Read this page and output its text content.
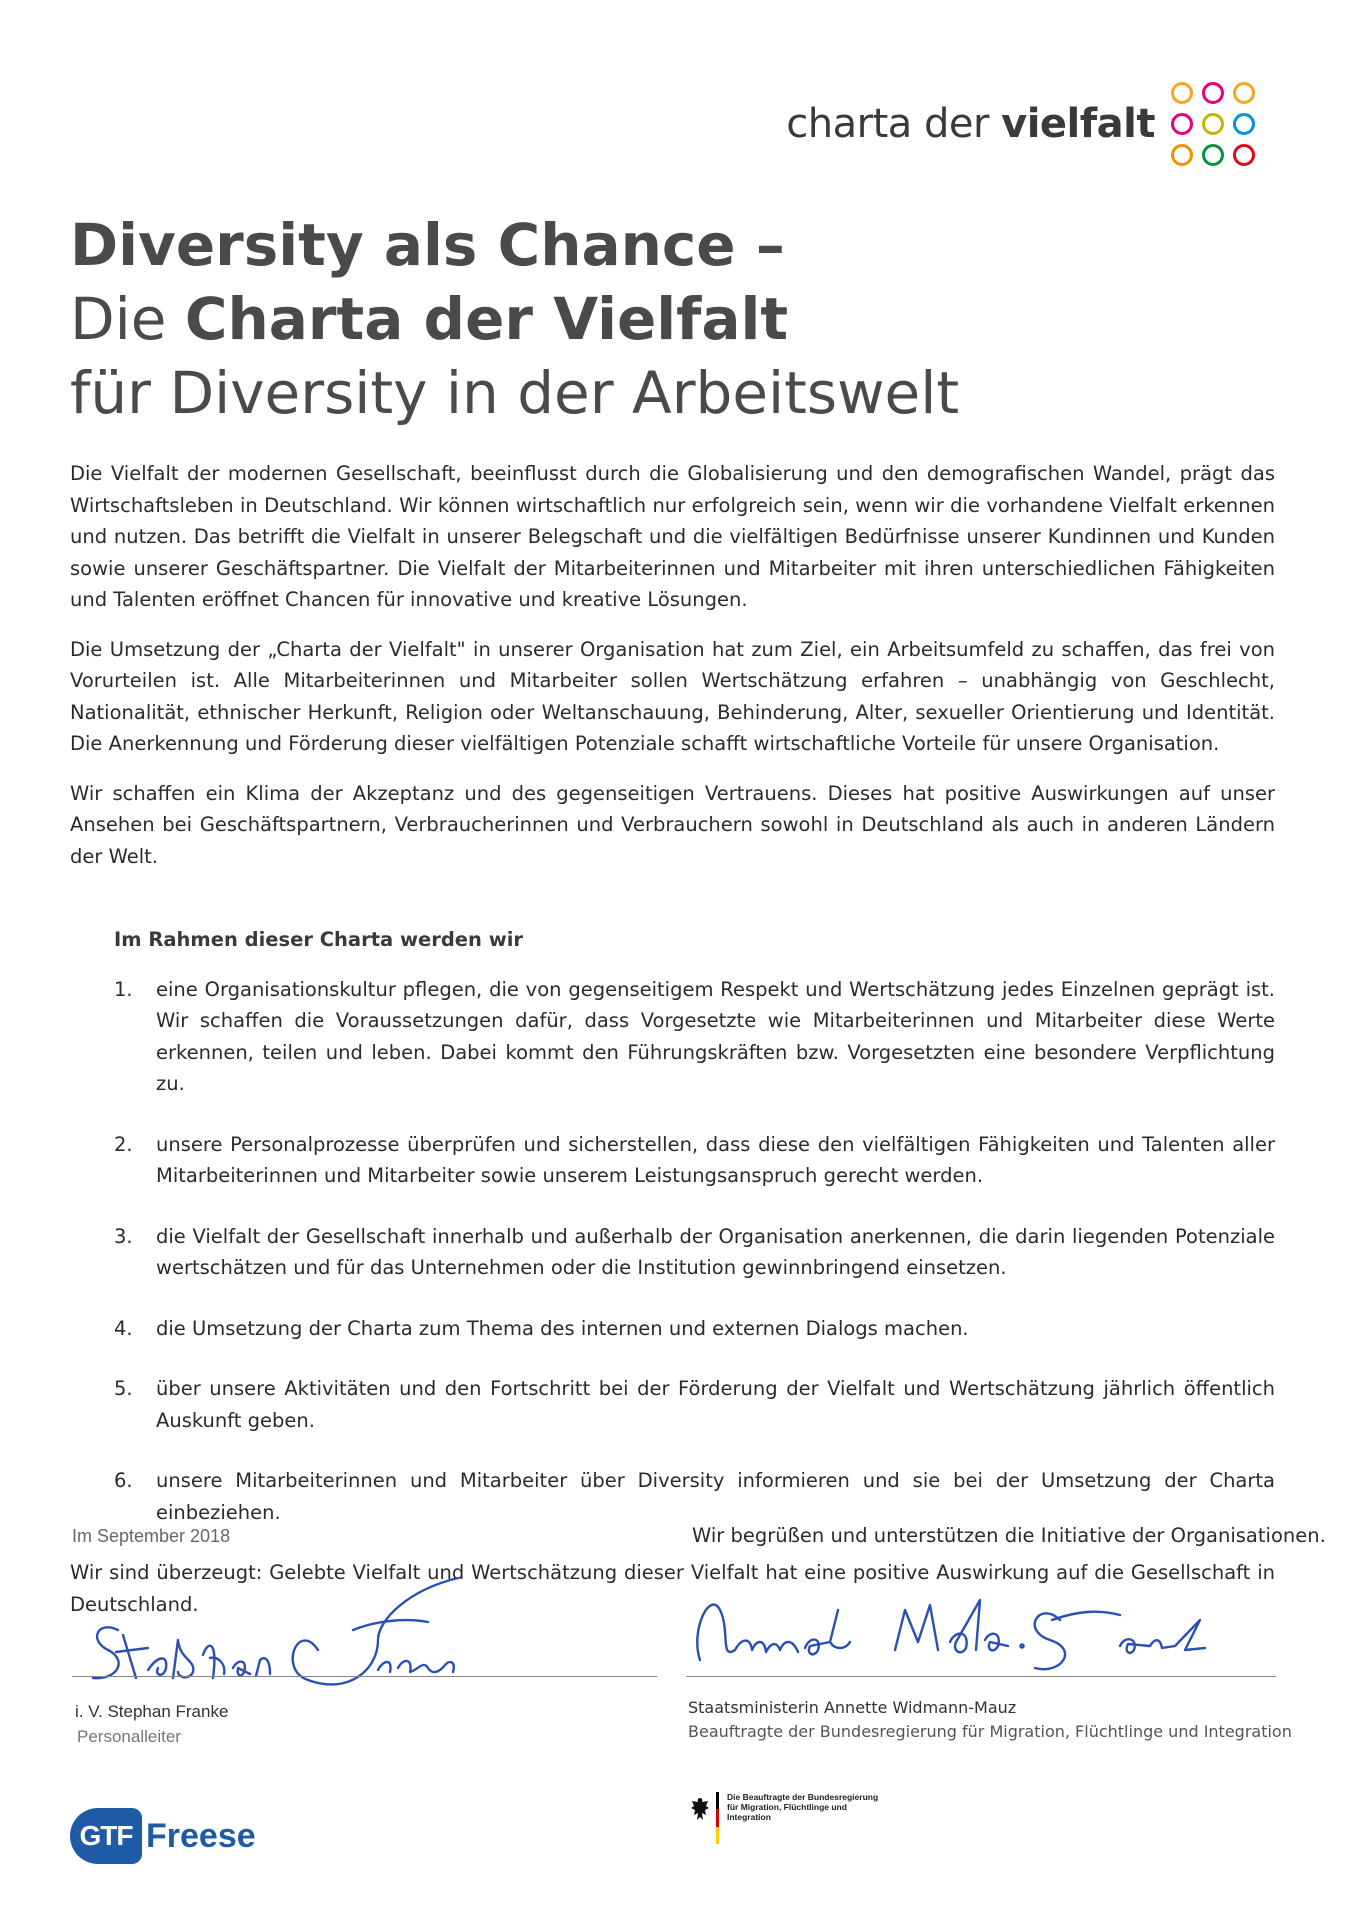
charta der vielfalt
Diversity als Chance –
Die Charta der Vielfalt
für Diversity in der Arbeitswelt

Die Vielfalt der modernen Gesellschaft, beeinflusst durch die Globalisierung und den demografischen Wandel, prägt das Wirtschaftsleben in Deutschland. Wir können wirtschaftlich nur erfolgreich sein, wenn wir die vorhandene Vielfalt erkennen und nutzen. Das betrifft die Vielfalt in unserer Belegschaft und die vielfältigen Bedürfnisse unserer Kundinnen und Kunden sowie unserer Geschäftspartner. Die Vielfalt der Mitarbeiterinnen und Mitarbeiter mit ihren unterschiedlichen Fähigkeiten und Talenten eröffnet Chancen für innovative und kreative Lösungen.

Die Umsetzung der „Charta der Vielfalt" in unserer Organisation hat zum Ziel, ein Arbeitsumfeld zu schaffen, das frei von Vorurteilen ist. Alle Mitarbeiterinnen und Mitarbeiter sollen Wertschätzung erfahren – unabhängig von Geschlecht, Nationalität, ethnischer Herkunft, Religion oder Weltanschauung, Behinderung, Alter, sexueller Orientierung und Identität. Die Anerkennung und Förderung dieser vielfältigen Potenziale schafft wirtschaftliche Vorteile für unsere Organisation.

Wir schaffen ein Klima der Akzeptanz und des gegenseitigen Vertrauens. Dieses hat positive Auswirkungen auf unser Ansehen bei Geschäftspartnern, Verbraucherinnen und Verbrauchern sowohl in Deutschland als auch in anderen Ländern der Welt.

Im Rahmen dieser Charta werden wir
1.	eine Organisationskultur pflegen, die von gegenseitigem Respekt und Wertschätzung jedes Einzelnen geprägt ist. Wir schaffen die Voraussetzungen dafür, dass Vorgesetzte wie Mitarbeiterinnen und Mitarbeiter diese Werte erkennen, teilen und leben. Dabei kommt den Führungskräften bzw. Vorgesetzten eine besondere Verpflichtung zu.
2.	unsere Personalprozesse überprüfen und sicherstellen, dass diese den vielfältigen Fähigkeiten und Talenten aller Mitarbeiterinnen und Mitarbeiter sowie unserem Leistungsanspruch gerecht werden.
3.	die Vielfalt der Gesellschaft innerhalb und außerhalb der Organisation anerkennen, die darin liegenden Potenziale wertschätzen und für das Unternehmen oder die Institution gewinnbringend einsetzen.
4.	die Umsetzung der Charta zum Thema des internen und externen Dialogs machen.
5.	über unsere Aktivitäten und den Fortschritt bei der Förderung der Vielfalt und Wertschätzung jährlich öffentlich Auskunft geben.
6.	unsere Mitarbeiterinnen und Mitarbeiter über Diversity informieren und sie bei der Umsetzung der Charta einbeziehen.

Wir sind überzeugt: Gelebte Vielfalt und Wertschätzung dieser Vielfalt hat eine positive Auswirkung auf die Gesellschaft in Deutschland.

Im September 2018	Wir begrüßen und unterstützen die Initiative der Organisationen.
i. V. Stephan Franke
Personalleiter
Staatsministerin Annette Widmann-Mauz
Beauftragte der Bundesregierung für Migration, Flüchtlinge und Integration
GTF Freese
Die Beauftragte der Bundesregierung
für Migration, Flüchtlinge und
Integration
